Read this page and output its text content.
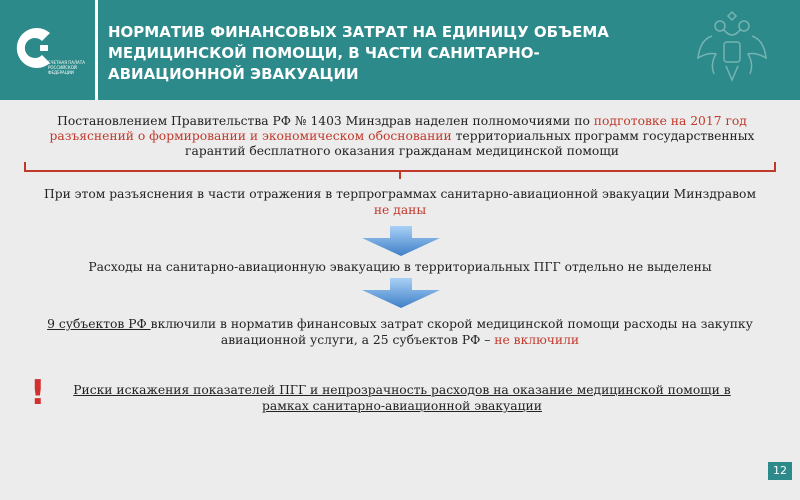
СЧЕТНАЯ ПАЛАТА РОССИЙСКОЙ ФЕДЕРАЦИИ
НОРМАТИВ ФИНАНСОВЫХ ЗАТРАТ НА ЕДИНИЦУ ОБЪЕМА МЕДИЦИНСКОЙ ПОМОЩИ, В ЧАСТИ САНИТАРНО-АВИАЦИОННОЙ ЭВАКУАЦИИ
Постановлением Правительства РФ № 1403 Минздрав наделен полномочиями по подготовке на 2017 год разъяснений о формировании и экономическом обосновании территориальных программ государственных гарантий бесплатного оказания гражданам медицинской помощи
При этом разъяснения в части отражения в терпрограммах санитарно-авиационной эвакуации Минздравом не даны
Расходы на санитарно-авиационную эвакуацию в территориальных ПГГ отдельно не выделены
9 субъектов РФ включили в норматив финансовых затрат скорой медицинской помощи расходы на закупку авиационной услуги, а 25 субъектов РФ – не включили
!	Риски искажения показателей ПГГ и непрозрачность расходов на оказание медицинской помощи в рамках санитарно-авиационной эвакуации
12
